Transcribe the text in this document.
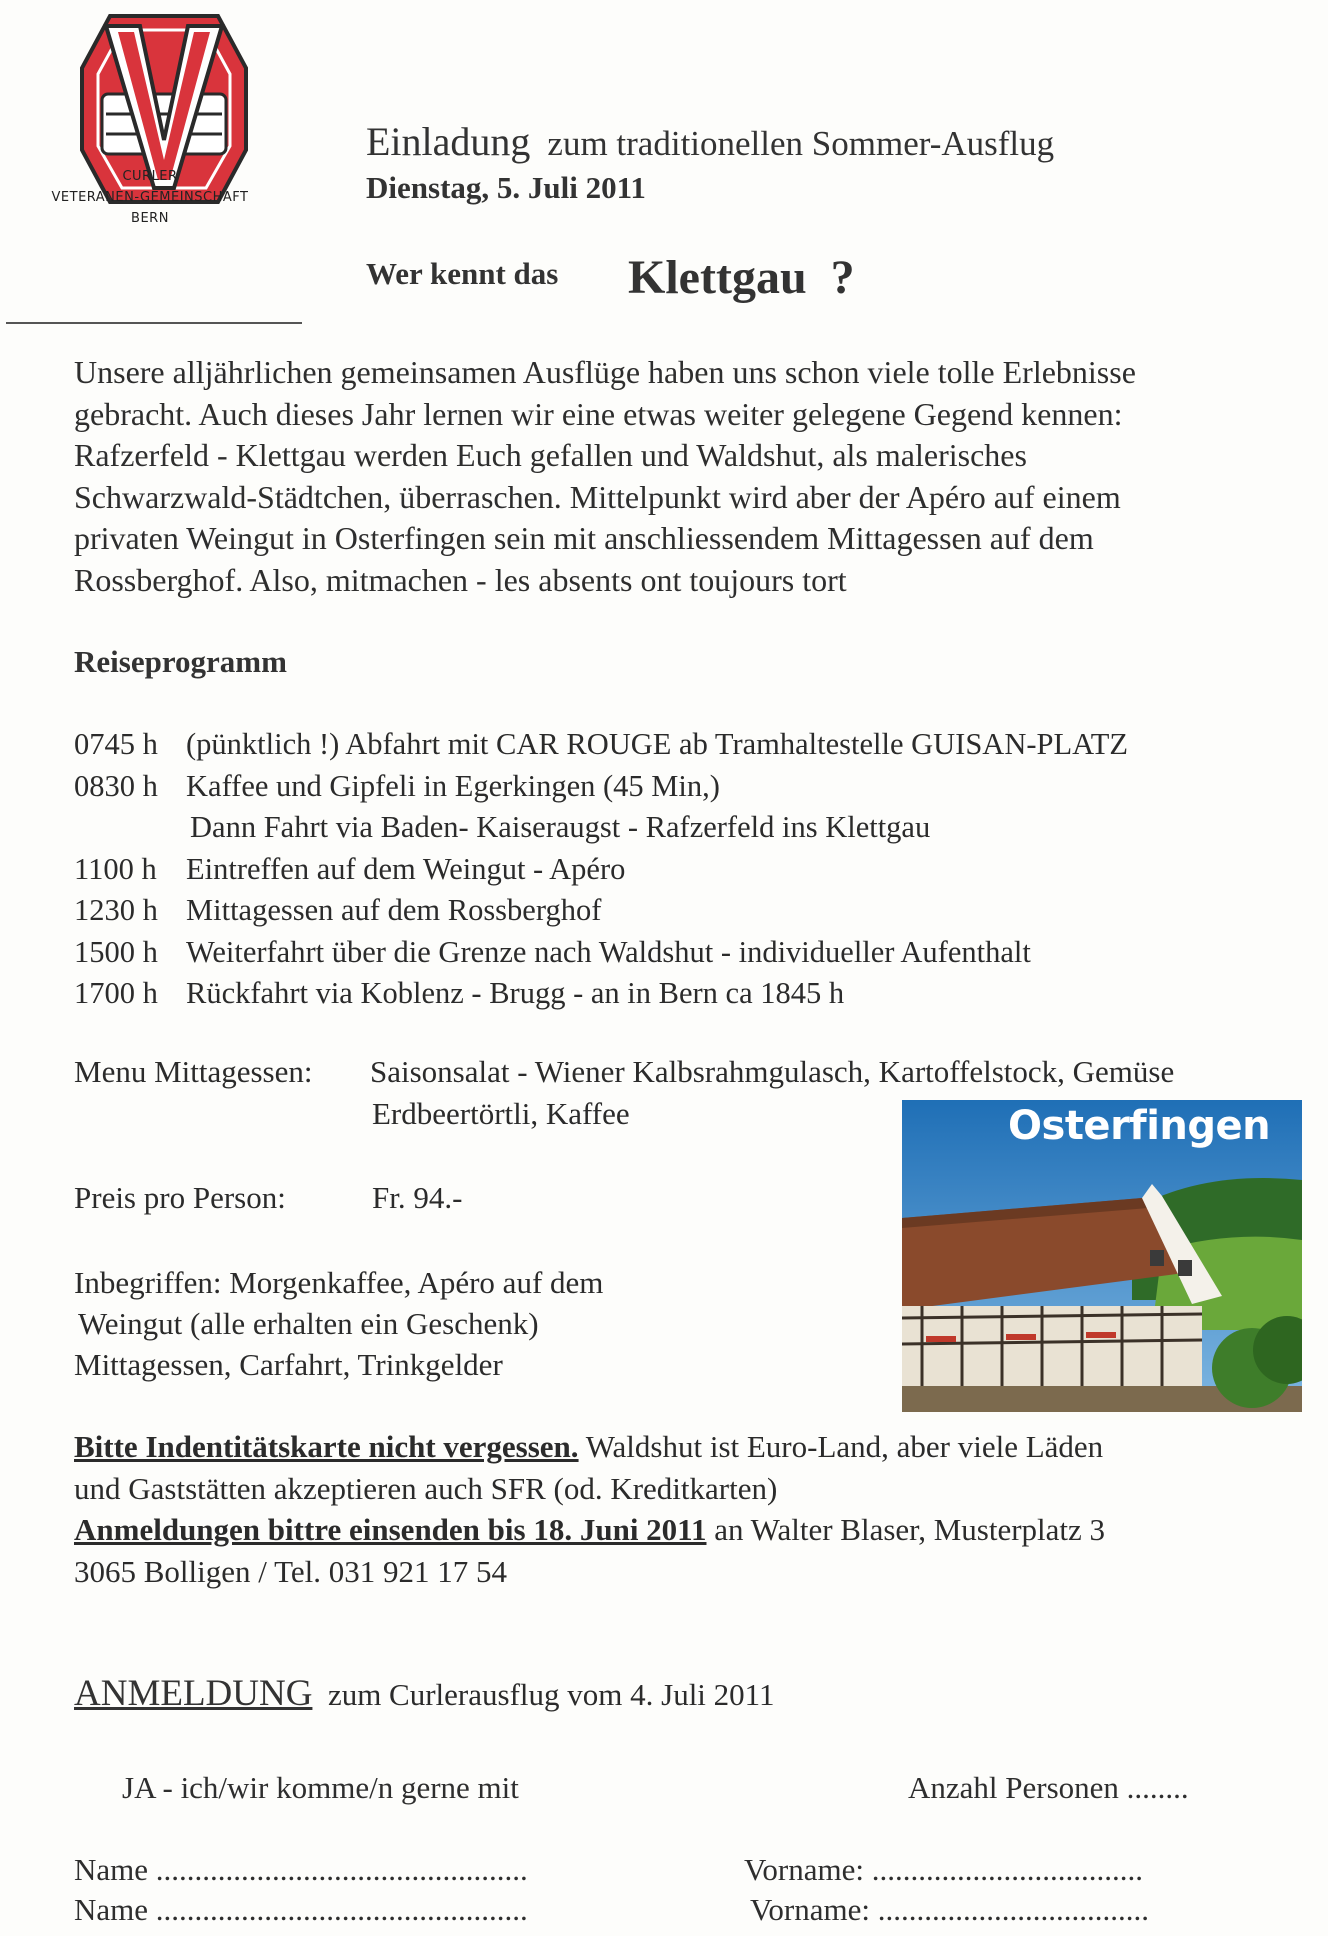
CURLER
VETERANEN-GEMEINSCHAFT
BERN
Einladung zum traditionellen Sommer-Ausflug
Dienstag, 5. Juli 2011
Wer kennt das Klettgau ?
Unsere alljährlichen gemeinsamen Ausflüge haben uns schon viele tolle Erlebnisse
gebracht. Auch dieses Jahr lernen wir eine etwas weiter gelegene Gegend kennen:
Rafzerfeld - Klettgau werden Euch gefallen und Waldshut, als malerisches
Schwarzwald-Städtchen, überraschen. Mittelpunkt wird aber der Apéro auf einem
privaten Weingut in Osterfingen sein mit anschliessendem Mittagessen auf dem
Rossberghof. Also, mitmachen - les absents ont toujours tort
Reiseprogramm
0745 h (pünktlich !) Abfahrt mit CAR ROUGE ab Tramhaltestelle GUISAN-PLATZ
0830 h Kaffee und Gipfeli in Egerkingen (45 Min,)
Dann Fahrt via Baden- Kaiseraugst - Rafzerfeld ins Klettgau
1100 h Eintreffen auf dem Weingut - Apéro
1230 h Mittagessen auf dem Rossberghof
1500 h Weiterfahrt über die Grenze nach Waldshut - individueller Aufenthalt
1700 h Rückfahrt via Koblenz - Brugg - an in Bern ca 1845 h
Menu Mittagessen: Saisonsalat - Wiener Kalbsrahmgulasch, Kartoffelstock, Gemüse
Erdbeertörtli, Kaffee
Preis pro Person:	Fr. 94.-
Inbegriffen: Morgenkaffee, Apéro auf dem
Weingut (alle erhalten ein Geschenk)
Mittagessen, Carfahrt, Trinkgelder
Osterfingen
Bitte Indentitätskarte nicht vergessen. Waldshut ist Euro-Land, aber viele Läden
und Gaststätten akzeptieren auch SFR (od. Kreditkarten)
Anmeldungen bittre einsenden bis 18. Juni 2011 an Walter Blaser, Musterplatz 3
3065 Bolligen / Tel. 031 921 17 54
ANMELDUNG zum Curlerausflug vom 4. Juli 2011
JA - ich/wir komme/n gerne mit	Anzahl Personen ........
Name ................................................	Vorname: ...................................
Name ................................................	Vorname: ...................................
